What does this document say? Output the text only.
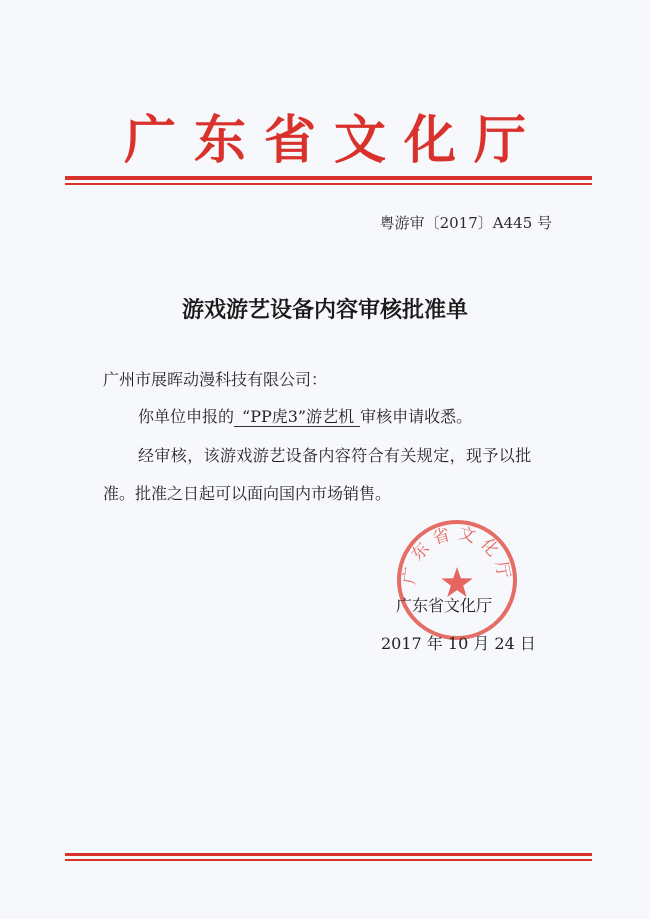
广东省文化厅
粤游审〔2017〕A445 号
游戏游艺设备内容审核批准单
广州市展晖动漫科技有限公司：
你单位申报的 “PP虎3”游艺机 审核申请收悉。
经审核，该游戏游艺设备内容符合有关规定，现予以批
准。批准之日起可以面向国内市场销售。
广东省文化厅
广东省文化厅
2017 年 10 月 24 日
